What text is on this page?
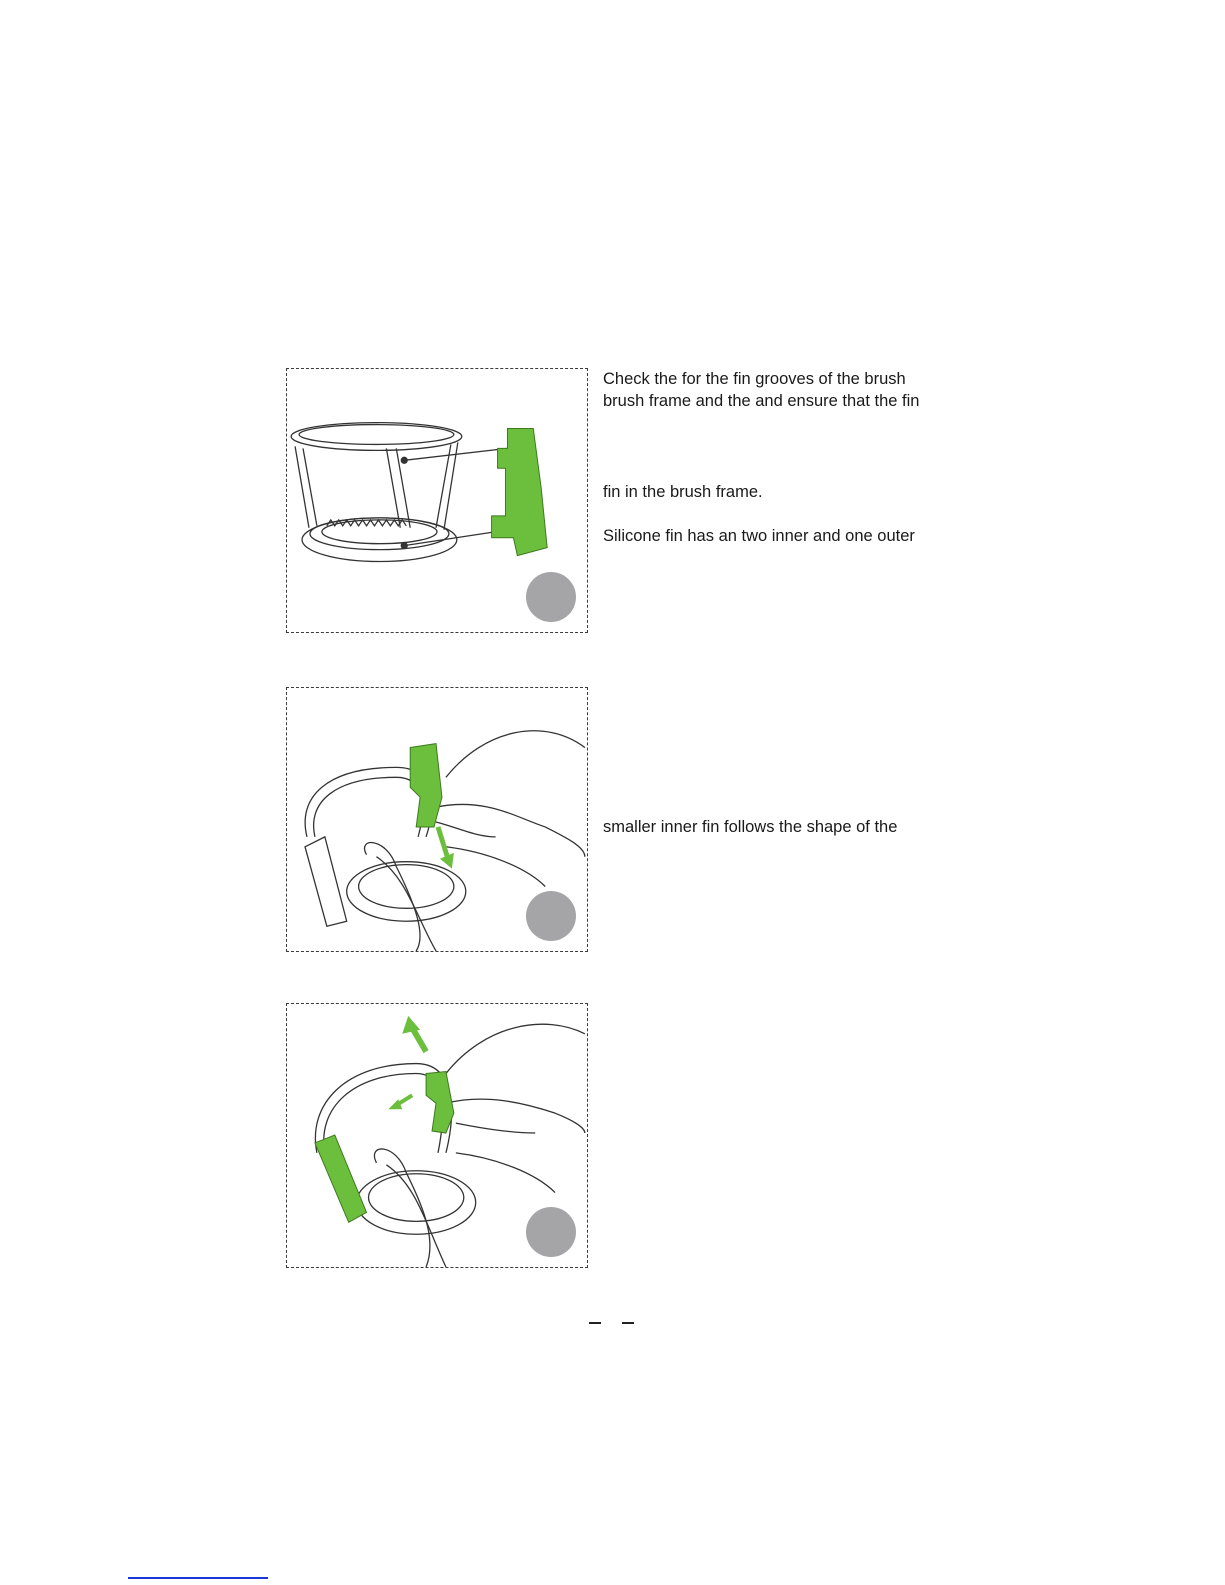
Check the for the fin grooves of the brush
brush frame and the and ensure that the fin
fin in the brush frame.
Silicone fin has an two inner and one outer
smaller inner fin follows the shape of the
